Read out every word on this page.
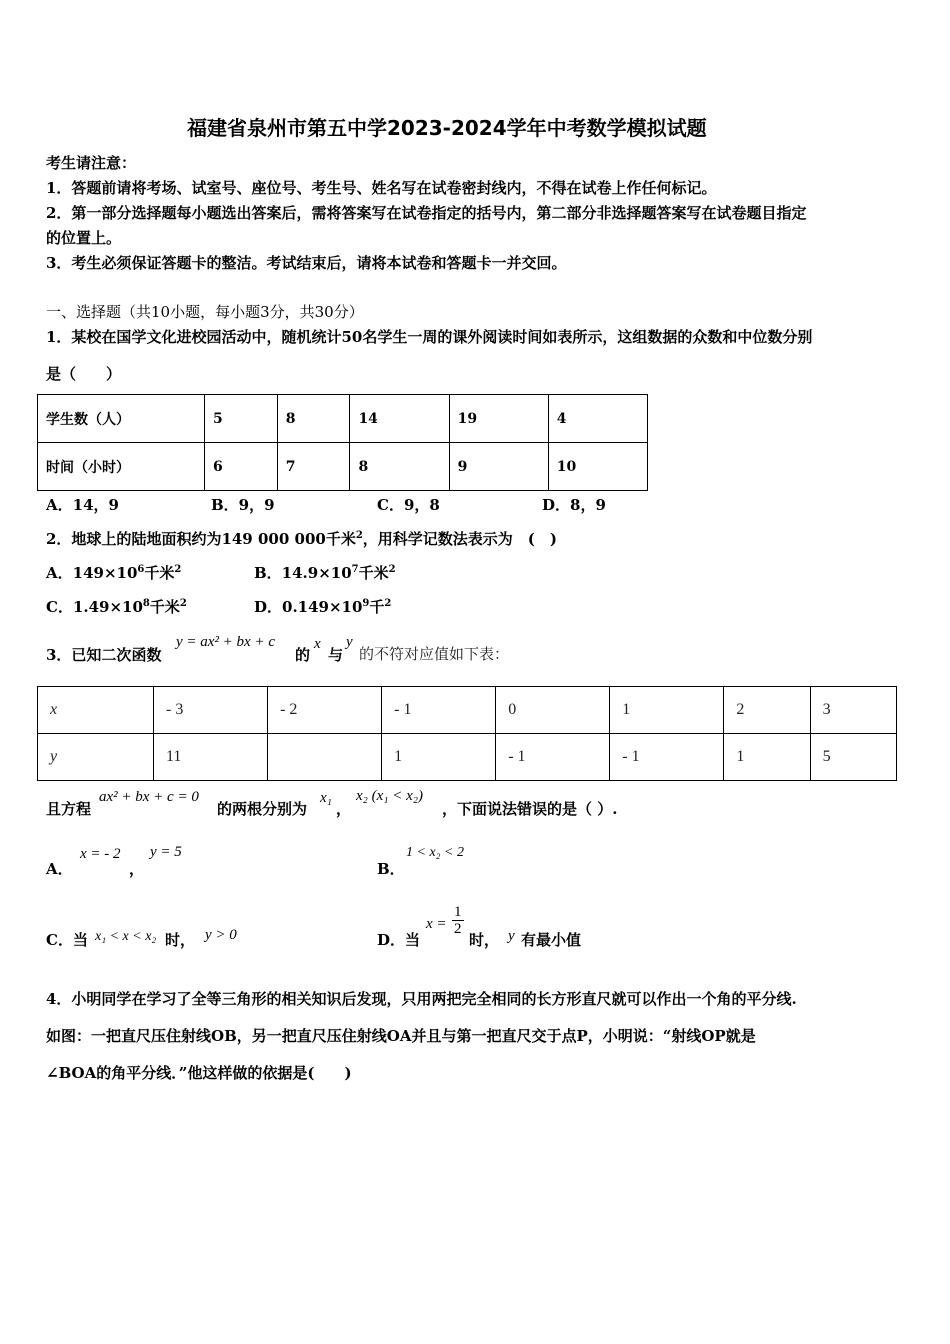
福建省泉州市第五中学2023-2024学年中考数学模拟试题
考生请注意：
1．答题前请将考场、试室号、座位号、考生号、姓名写在试卷密封线内，不得在试卷上作任何标记。
2．第一部分选择题每小题选出答案后，需将答案写在试卷指定的括号内，第二部分非选择题答案写在试卷题目指定
的位置上。
3．考生必须保证答题卡的整洁。考试结束后，请将本试卷和答题卡一并交回。
一、选择题（共10小题，每小题3分，共30分）
1．某校在国学文化进校园活动中，随机统计50名学生一周的课外阅读时间如表所示，这组数据的众数和中位数分别
是（　　）
学生数（人）	5	8	14	19	4
时间（小时）	6	7	8	9	10
A．14，9	B．9，9	C．9，8	D．8，9
2．地球上的陆地面积约为149 000 000千米$^2$，用科学记数法表示为　(　)
A．$149\times 10^6$千米$^2$	B．$14.9\times 10^7$千米$^2$
C．$1.49\times 10^8$千米$^2$	D．$0.149\times 10^9$千$^2$
3．已知二次函数
y = ax² + bx + c
的
x
与
y
的不符对应值如下表：
x	- 3	- 2	- 1	0	1	2	3
y	11		1	- 1	- 1	1	5
且方程
ax² + bx + c = 0
的两根分别为
x₁
，
x₂ (x₁ < x₂)
，下面说法错误的是（ ）.
A．
x = - 2
，
y = 5
B．
1 < x₂ < 2
C．当 x₁ < x < x₂ 时， y > 0	D．当
$x = \frac{1}{2}$
时， y 有最小值
4．小明同学在学习了全等三角形的相关知识后发现，只用两把完全相同的长方形直尺就可以作出一个角的平分线.
如图：一把直尺压住射线OB，另一把直尺压住射线OA并且与第一把直尺交于点P，小明说：“射线OP就是
∠BOA的角平分线．”他这样做的依据是(　　)
